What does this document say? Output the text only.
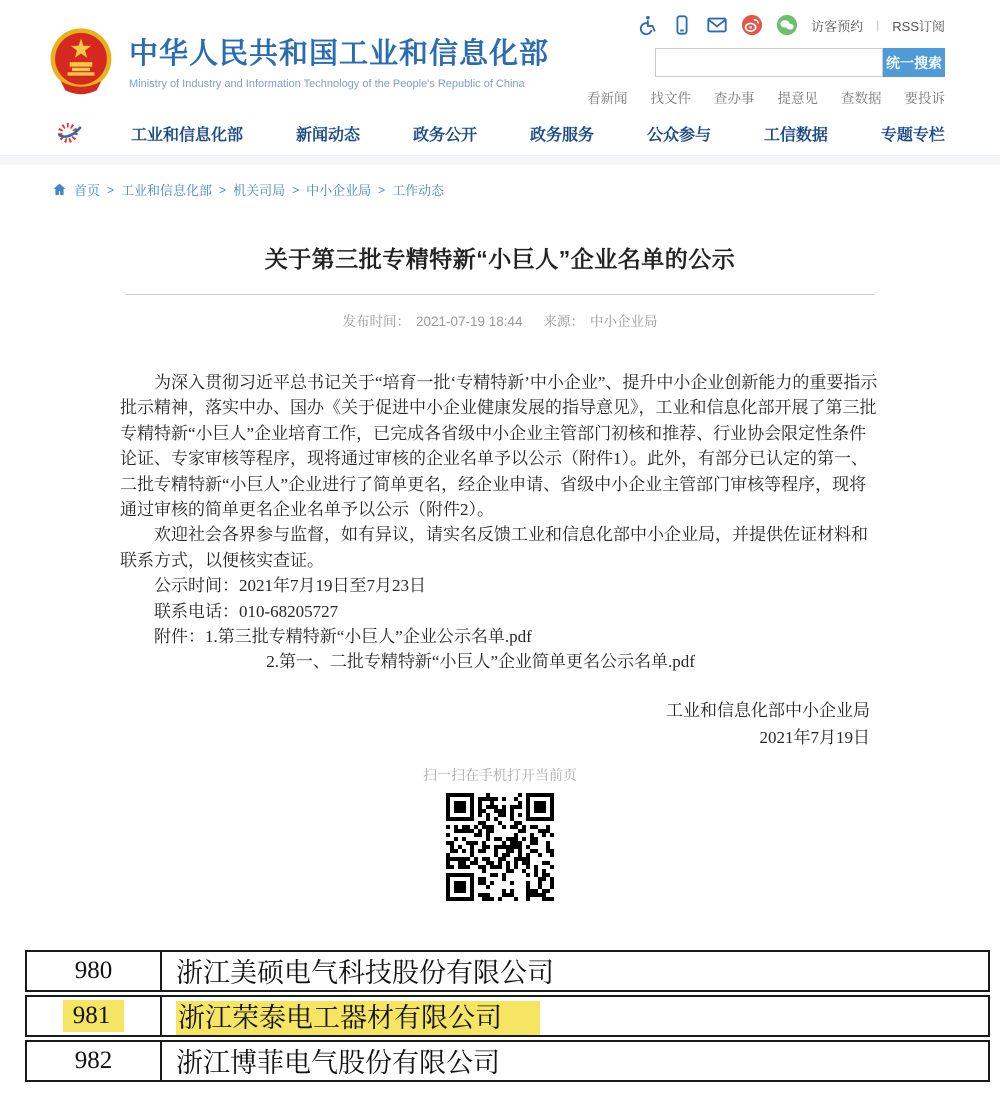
中华人民共和国工业和信息化部
Ministry of Industry and Information Technology of the People's Republic of China
访客预约 | RSS订阅
统一搜索
看新闻 找文件 查办事 提意见 查数据 要投诉
工业和信息化部	新闻动态	政务公开	政务服务	公众参与	工信数据	专题专栏
首页 > 工业和信息化部 > 机关司局 > 中小企业局 > 工作动态
关于第三批专精特新“小巨人”企业名单的公示
发布时间： 2021-07-19 18:44 来源： 中小企业局

为深入贯彻习近平总书记关于“培育一批‘专精特新’中小企业”、提升中小企业创新能力的重要指示批示精神，落实中办、国办《关于促进中小企业健康发展的指导意见》，工业和信息化部开展了第三批专精特新“小巨人”企业培育工作，已完成各省级中小企业主管部门初核和推荐、行业协会限定性条件论证、专家审核等程序，现将通过审核的企业名单予以公示（附件1）。此外，有部分已认定的第一、二批专精特新“小巨人”企业进行了简单更名，经企业申请、省级中小企业主管部门审核等程序，现将通过审核的简单更名企业名单予以公示（附件2）。

欢迎社会各界参与监督，如有异议，请实名反馈工业和信息化部中小企业局，并提供佐证材料和联系方式，以便核实查证。

公示时间：2021年7月19日至7月23日

联系电话：010-68205727

附件：1.第三批专精特新“小巨人”企业公示名单.pdf

2.第一、二批专精特新“小巨人”企业简单更名公示名单.pdf

工业和信息化部中小企业局
2021年7月19日
扫一扫在手机打开当前页
980	浙江美硕电气科技股份有限公司
981	浙江荣泰电工器材有限公司
982	浙江博菲电气股份有限公司
